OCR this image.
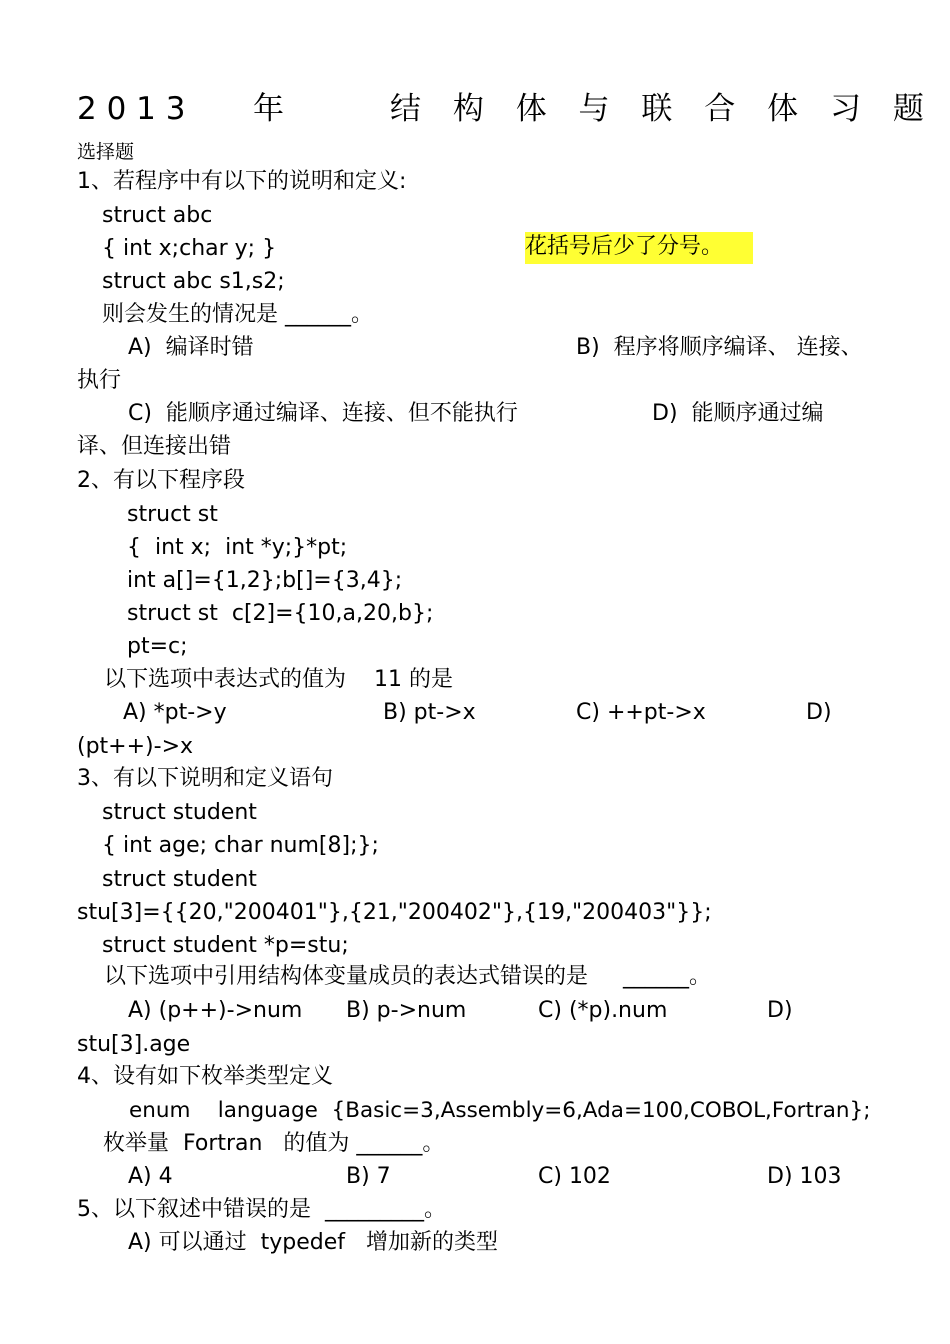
2 0 1 3 年	结 构 体 与 联 合 体 习 题
选择题
1、若程序中有以下的说明和定义:
struct abc
{ int x;char y; }	花括号后少了分号。
struct abc s1,s2;
则会发生的情况是 ______。
A)  编译时错	B)  程序将顺序编译、 连接、
执行
C)  能顺序通过编译、连接、但不能执行	D)  能顺序通过编
译、但连接出错
2、有以下程序段
struct st
{  int x;  int *y;}*pt;
int a[]={1,2};b[]={3,4};
struct st  c[2]={10,a,20,b};
pt=c;
以下选项中表达式的值为    11 的是
A) *pt->y	B) pt->x	C) ++pt->x	D)
(pt++)->x
3、有以下说明和定义语句
struct student
{ int age; char num[8];};
struct student
stu[3]={{20,"200401"},{21,"200402"},{19,"200403"}};
struct student *p=stu;
以下选项中引用结构体变量成员的表达式错误的是     ______。
A) (p++)->num B) p->num	C) (*p).num	D)
stu[3].age
4、设有如下枚举类型定义
enum    language  {Basic=3,Assembly=6,Ada=100,COBOL,Fortran};
枚举量  Fortran   的值为 ______。
A) 4	B) 7	C) 102	D) 103
5、以下叙述中错误的是  _________。
A) 可以通过  typedef   增加新的类型
